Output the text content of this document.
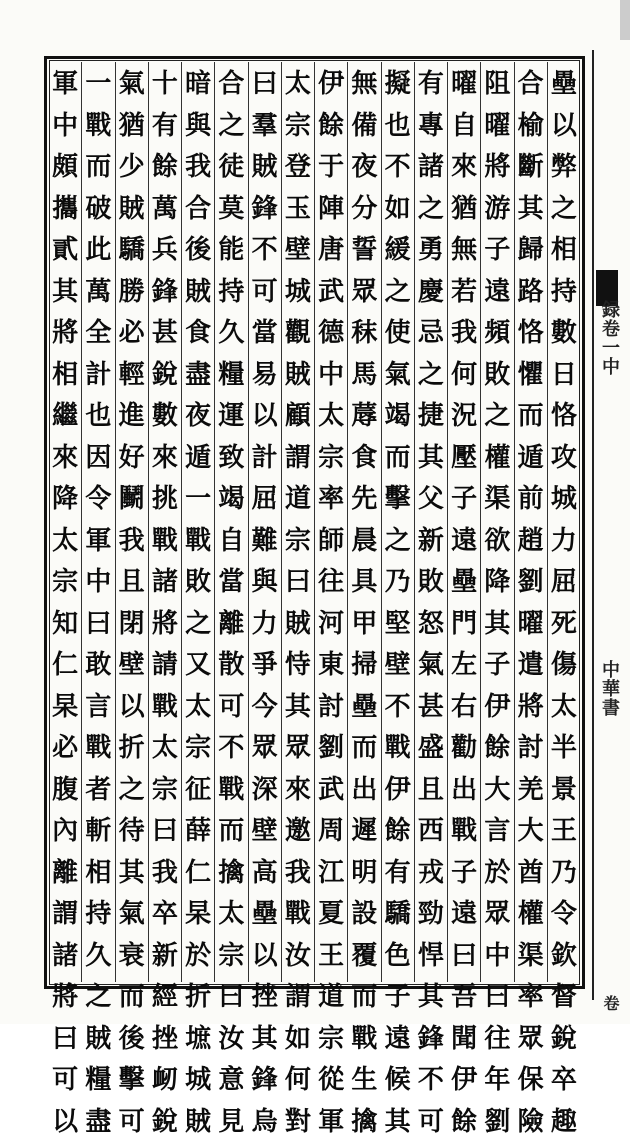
壘
以
弊
之
相
持
數
日
恪
攻
城
力
屈
死
傷
太
半
景
王
乃
令
欽
督
銳
卒
趣
合
榆
斷
其
歸
路
恪
懼
而
遁
前
趙
劉
曜
遣
將
討
羌
大
酋
權
渠
率
眾
保
險
阻
曜
將
游
子
遠
頻
敗
之
權
渠
欲
降
其
子
伊
餘
大
言
於
眾
中
曰
往
年
劉
曜
自
來
猶
無
若
我
何
況
壓
子
遠
壘
門
左
右
勸
出
戰
子
遠
曰
吾
聞
伊
餘
有
專
諸
之
勇
慶
忌
之
捷
其
父
新
敗
怒
氣
甚
盛
且
西
戎
勁
悍
其
鋒
不
可
擬
也
不
如
緩
之
使
氣
竭
而
擊
之
乃
堅
壁
不
戰
伊
餘
有
驕
色
子
遠
候
其
無
備
夜
分
誓
眾
秣
馬
蓐
食
先
晨
具
甲
掃
壘
而
出
遲
明
設
覆
而
戰
生
擒
伊
餘
于
陣
唐
武
德
中
太
宗
率
師
往
河
東
討
劉
武
周
江
夏
王
道
宗
從
軍
太
宗
登
玉
壁
城
觀
賊
顧
謂
道
宗
曰
賊
恃
其
眾
來
邀
我
戰
汝
謂
如
何
對
曰
羣
賊
鋒
不
可
當
易
以
計
屈
難
與
力
爭
今
眾
深
壁
高
壘
以
挫
其
鋒
烏
合
之
徒
莫
能
持
久
糧
運
致
竭
自
當
離
散
可
不
戰
而
擒
太
宗
曰
汝
意
見
暗
與
我
合
後
賊
食
盡
夜
遁
一
戰
敗
之
又
太
宗
征
薛
仁
杲
於
折
墌
城
賊
十
有
餘
萬
兵
鋒
甚
銳
數
來
挑
戰
諸
將
請
戰
太
宗
曰
我
卒
新
經
挫
衂
銳
氣
猶
少
賊
驕
勝
必
輕
進
好
鬭
我
且
閉
壁
以
折
之
待
其
氣
衰
而
後
擊
可
一
戰
而
破
此
萬
全
計
也
因
令
軍
中
曰
敢
言
戰
者
斬
相
持
久
之
賊
糧
盡
軍
中
頗
攜
貳
其
將
相
繼
來
降
太
宗
知
仁
杲
必
腹
內
離
謂
諸
將
曰
可
以
録卷一中
中華書
卷
